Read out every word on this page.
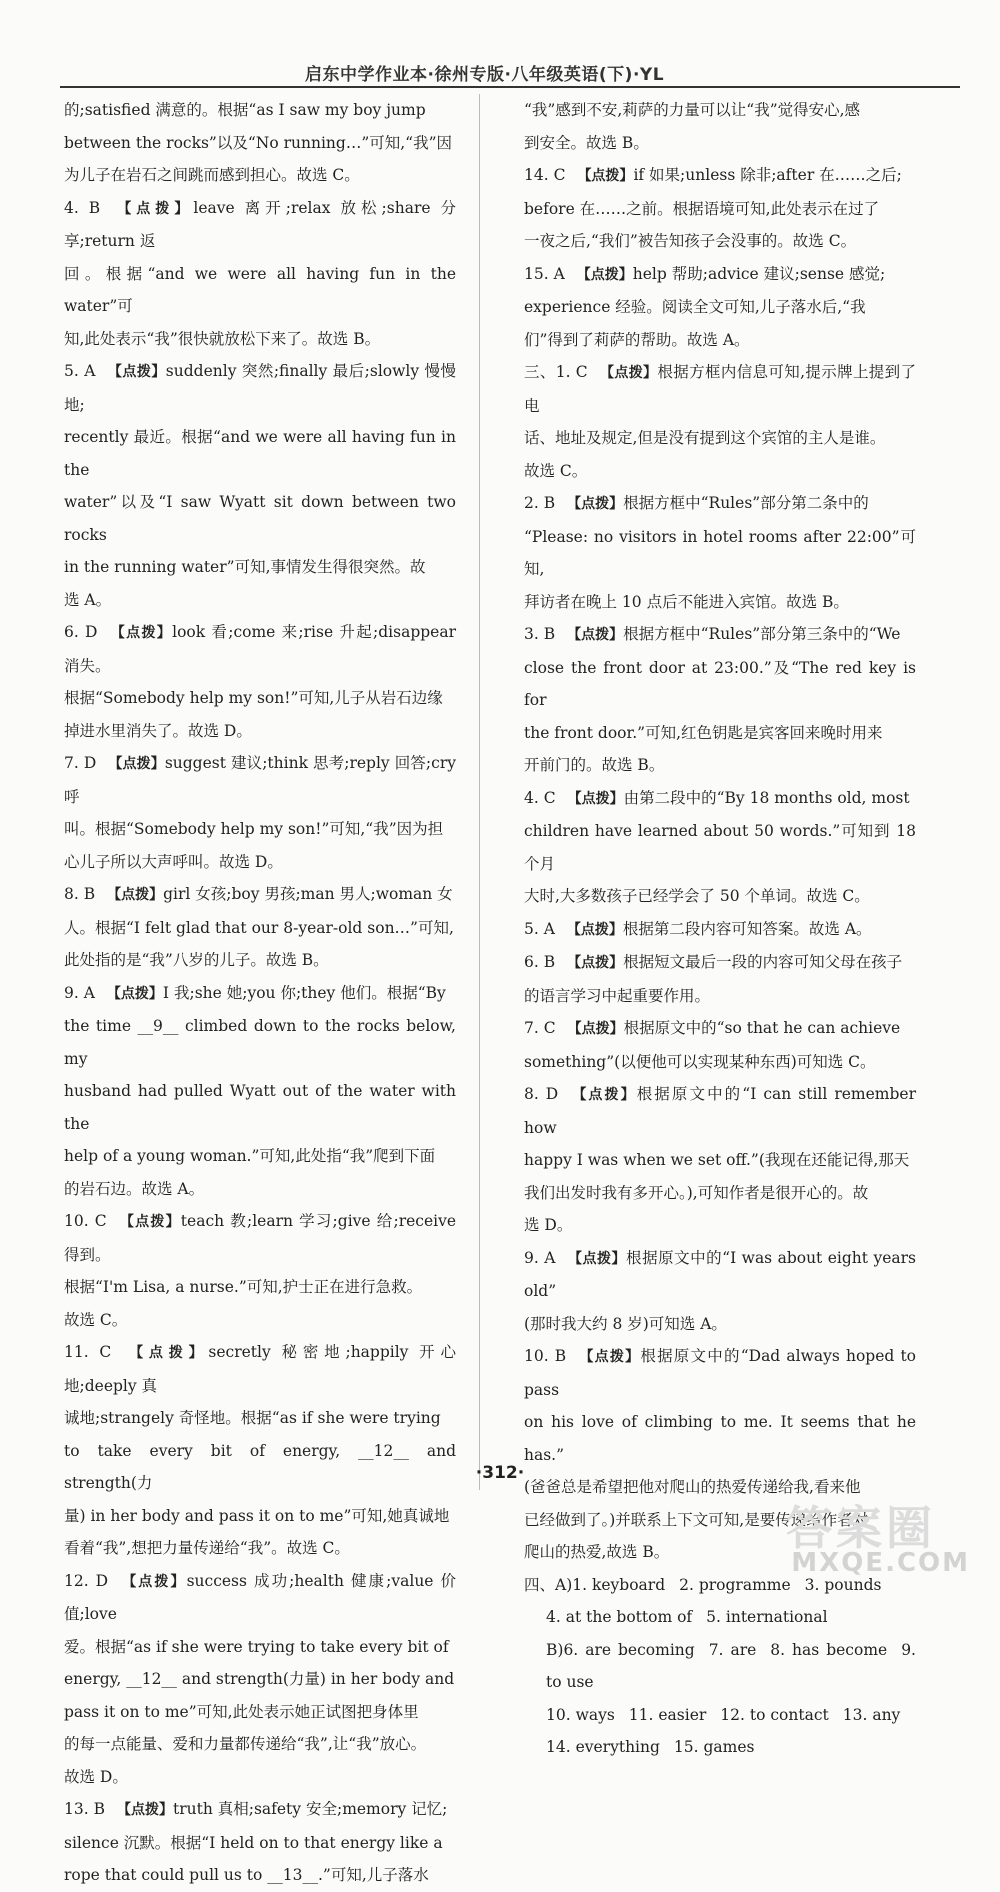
启东中学作业本·徐州专版·八年级英语(下)·YL
的;satisfied 满意的。根据“as I saw my boy jump
between the rocks”以及“No running…”可知,“我”因
为儿子在岩石之间跳而感到担心。故选 C。
4. B 【点拨】leave 离开;relax 放松;share 分享;return 返
回。根据“and we were all having fun in the water”可
知,此处表示“我”很快就放松下来了。故选 B。
5. A 【点拨】suddenly 突然;finally 最后;slowly 慢慢地;
recently 最近。根据“and we were all having fun in the
water”以及“I saw Wyatt sit down between two rocks
in the running water”可知,事情发生得很突然。故
选 A。
6. D 【点拨】look 看;come 来;rise 升起;disappear 消失。
根据“Somebody help my son!”可知,儿子从岩石边缘
掉进水里消失了。故选 D。
7. D 【点拨】suggest 建议;think 思考;reply 回答;cry 呼
叫。根据“Somebody help my son!”可知,“我”因为担
心儿子所以大声呼叫。故选 D。
8. B 【点拨】girl 女孩;boy 男孩;man 男人;woman 女
人。根据“I felt glad that our 8-year-old son…”可知,
此处指的是“我”八岁的儿子。故选 B。
9. A 【点拨】I 我;she 她;you 你;they 他们。根据“By
the time __9__ climbed down to the rocks below, my
husband had pulled Wyatt out of the water with the
help of a young woman.”可知,此处指“我”爬到下面
的岩石边。故选 A。
10. C 【点拨】teach 教;learn 学习;give 给;receive 得到。
根据“I'm Lisa, a nurse.”可知,护士正在进行急救。
故选 C。
11. C 【点拨】secretly 秘密地;happily 开心地;deeply 真
诚地;strangely 奇怪地。根据“as if she were trying
to take every bit of energy, __12__ and strength(力
量) in her body and pass it on to me”可知,她真诚地
看着“我”,想把力量传递给“我”。故选 C。
12. D 【点拨】success 成功;health 健康;value 价值;love
爱。根据“as if she were trying to take every bit of
energy, __12__ and strength(力量) in her body and
pass it on to me”可知,此处表示她正试图把身体里
的每一点能量、爱和力量都传递给“我”,让“我”放心。
故选 D。
13. B 【点拨】truth 真相;safety 安全;memory 记忆;
silence 沉默。根据“I held on to that energy like a
rope that could pull us to __13__.”可知,儿子落水
“我”感到不安,莉萨的力量可以让“我”觉得安心,感
到安全。故选 B。
14. C 【点拨】if 如果;unless 除非;after 在……之后;
before 在……之前。根据语境可知,此处表示在过了
一夜之后,“我们”被告知孩子会没事的。故选 C。
15. A 【点拨】help 帮助;advice 建议;sense 感觉;
experience 经验。阅读全文可知,儿子落水后,“我
们”得到了莉萨的帮助。故选 A。
三、1. C 【点拨】根据方框内信息可知,提示牌上提到了电
话、地址及规定,但是没有提到这个宾馆的主人是谁。
故选 C。
2. B 【点拨】根据方框中“Rules”部分第二条中的
“Please: no visitors in hotel rooms after 22:00”可知,
拜访者在晚上 10 点后不能进入宾馆。故选 B。
3. B 【点拨】根据方框中“Rules”部分第三条中的“We
close the front door at 23:00.”及“The red key is for
the front door.”可知,红色钥匙是宾客回来晚时用来
开前门的。故选 B。
4. C 【点拨】由第二段中的“By 18 months old, most
children have learned about 50 words.”可知到 18 个月
大时,大多数孩子已经学会了 50 个单词。故选 C。
5. A 【点拨】根据第二段内容可知答案。故选 A。
6. B 【点拨】根据短文最后一段的内容可知父母在孩子
的语言学习中起重要作用。
7. C 【点拨】根据原文中的“so that he can achieve
something”(以便他可以实现某种东西)可知选 C。
8. D 【点拨】根据原文中的“I can still remember how
happy I was when we set off.”(我现在还能记得,那天
我们出发时我有多开心。),可知作者是很开心的。故
选 D。
9. A 【点拨】根据原文中的“I was about eight years old”
(那时我大约 8 岁)可知选 A。
10. B 【点拨】根据原文中的“Dad always hoped to pass
on his love of climbing to me. It seems that he has.”
(爸爸总是希望把他对爬山的热爱传递给我,看来他
已经做到了。)并联系上下文可知,是要传递给作者对
爬山的热爱,故选 B。
四、A)1. keyboard 2. programme 3. pounds
4. at the bottom of 5. international
B)6. are becoming 7. are 8. has become 9. to use
10. ways 11. easier 12. to contact 13. any
14. everything 15. games
·312·
答案圈
MXQE.COM
